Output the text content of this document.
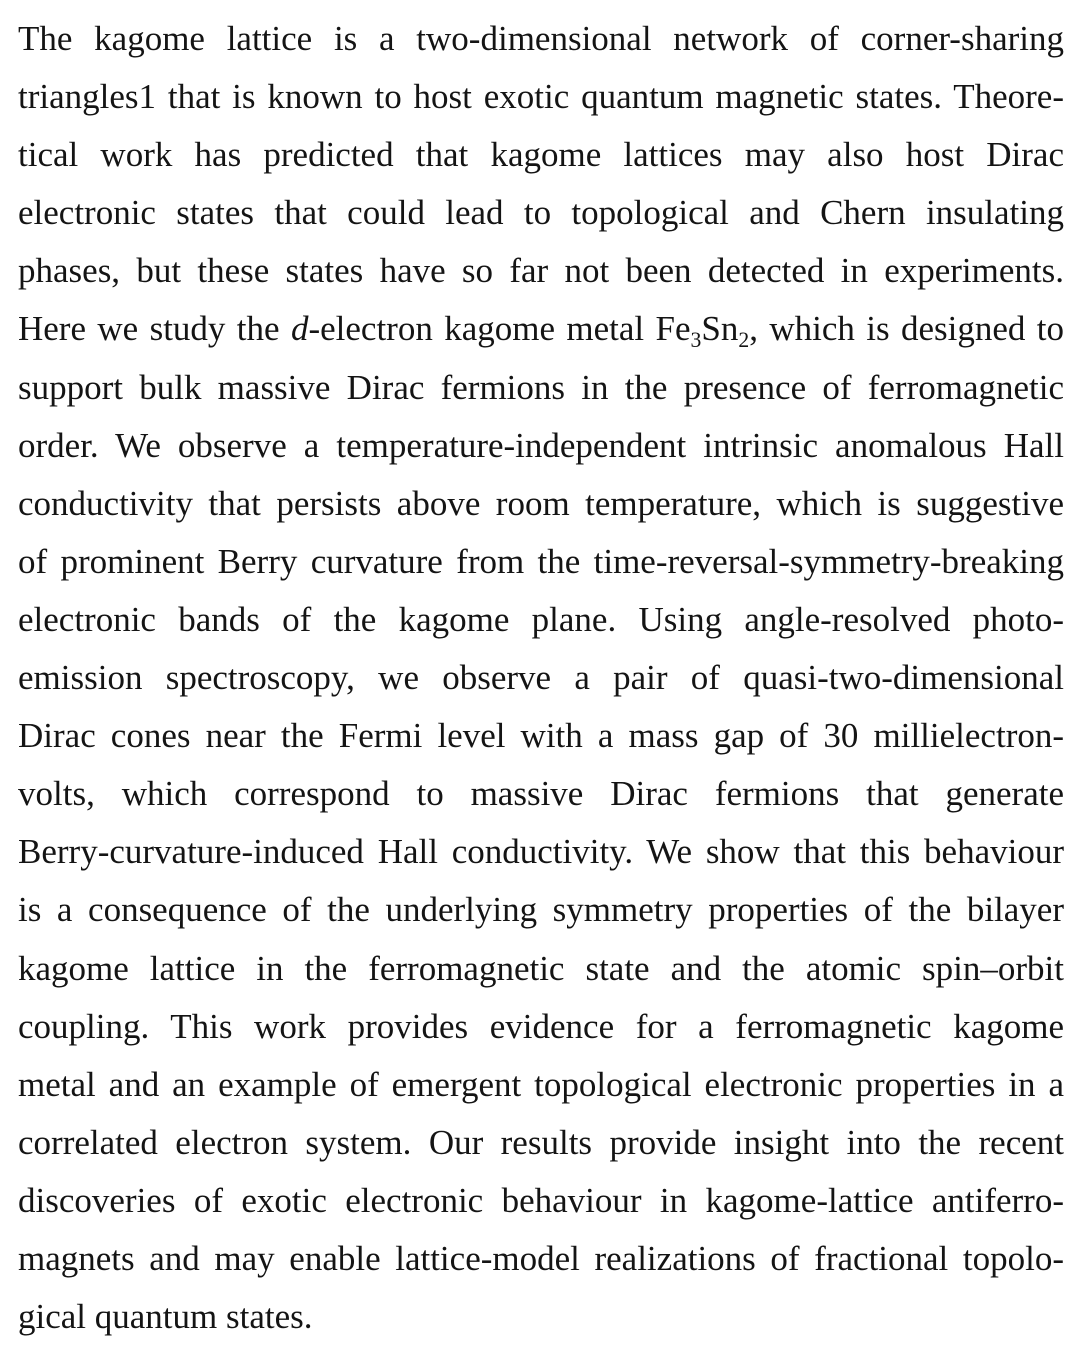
The kagome lattice is a two-dimensional network of corner-sharing
triangles1 that is known to host exotic quantum magnetic states. Theore-
tical work has predicted that kagome lattices may also host Dirac
electronic states that could lead to topological and Chern insulating
phases, but these states have so far not been detected in experiments.
Here we study the d-electron kagome metal Fe3Sn2, which is designed to
support bulk massive Dirac fermions in the presence of ferromagnetic
order. We observe a temperature-independent intrinsic anomalous Hall
conductivity that persists above room temperature, which is suggestive
of prominent Berry curvature from the time-reversal-symmetry-breaking
electronic bands of the kagome plane. Using angle-resolved photo-
emission spectroscopy, we observe a pair of quasi-two-dimensional
Dirac cones near the Fermi level with a mass gap of 30 millielectron-
volts, which correspond to massive Dirac fermions that generate
Berry-curvature-induced Hall conductivity. We show that this behaviour
is a consequence of the underlying symmetry properties of the bilayer
kagome lattice in the ferromagnetic state and the atomic spin–orbit
coupling. This work provides evidence for a ferromagnetic kagome
metal and an example of emergent topological electronic properties in a
correlated electron system. Our results provide insight into the recent
discoveries of exotic electronic behaviour in kagome-lattice antiferro-
magnets and may enable lattice-model realizations of fractional topolo-
gical quantum states.
